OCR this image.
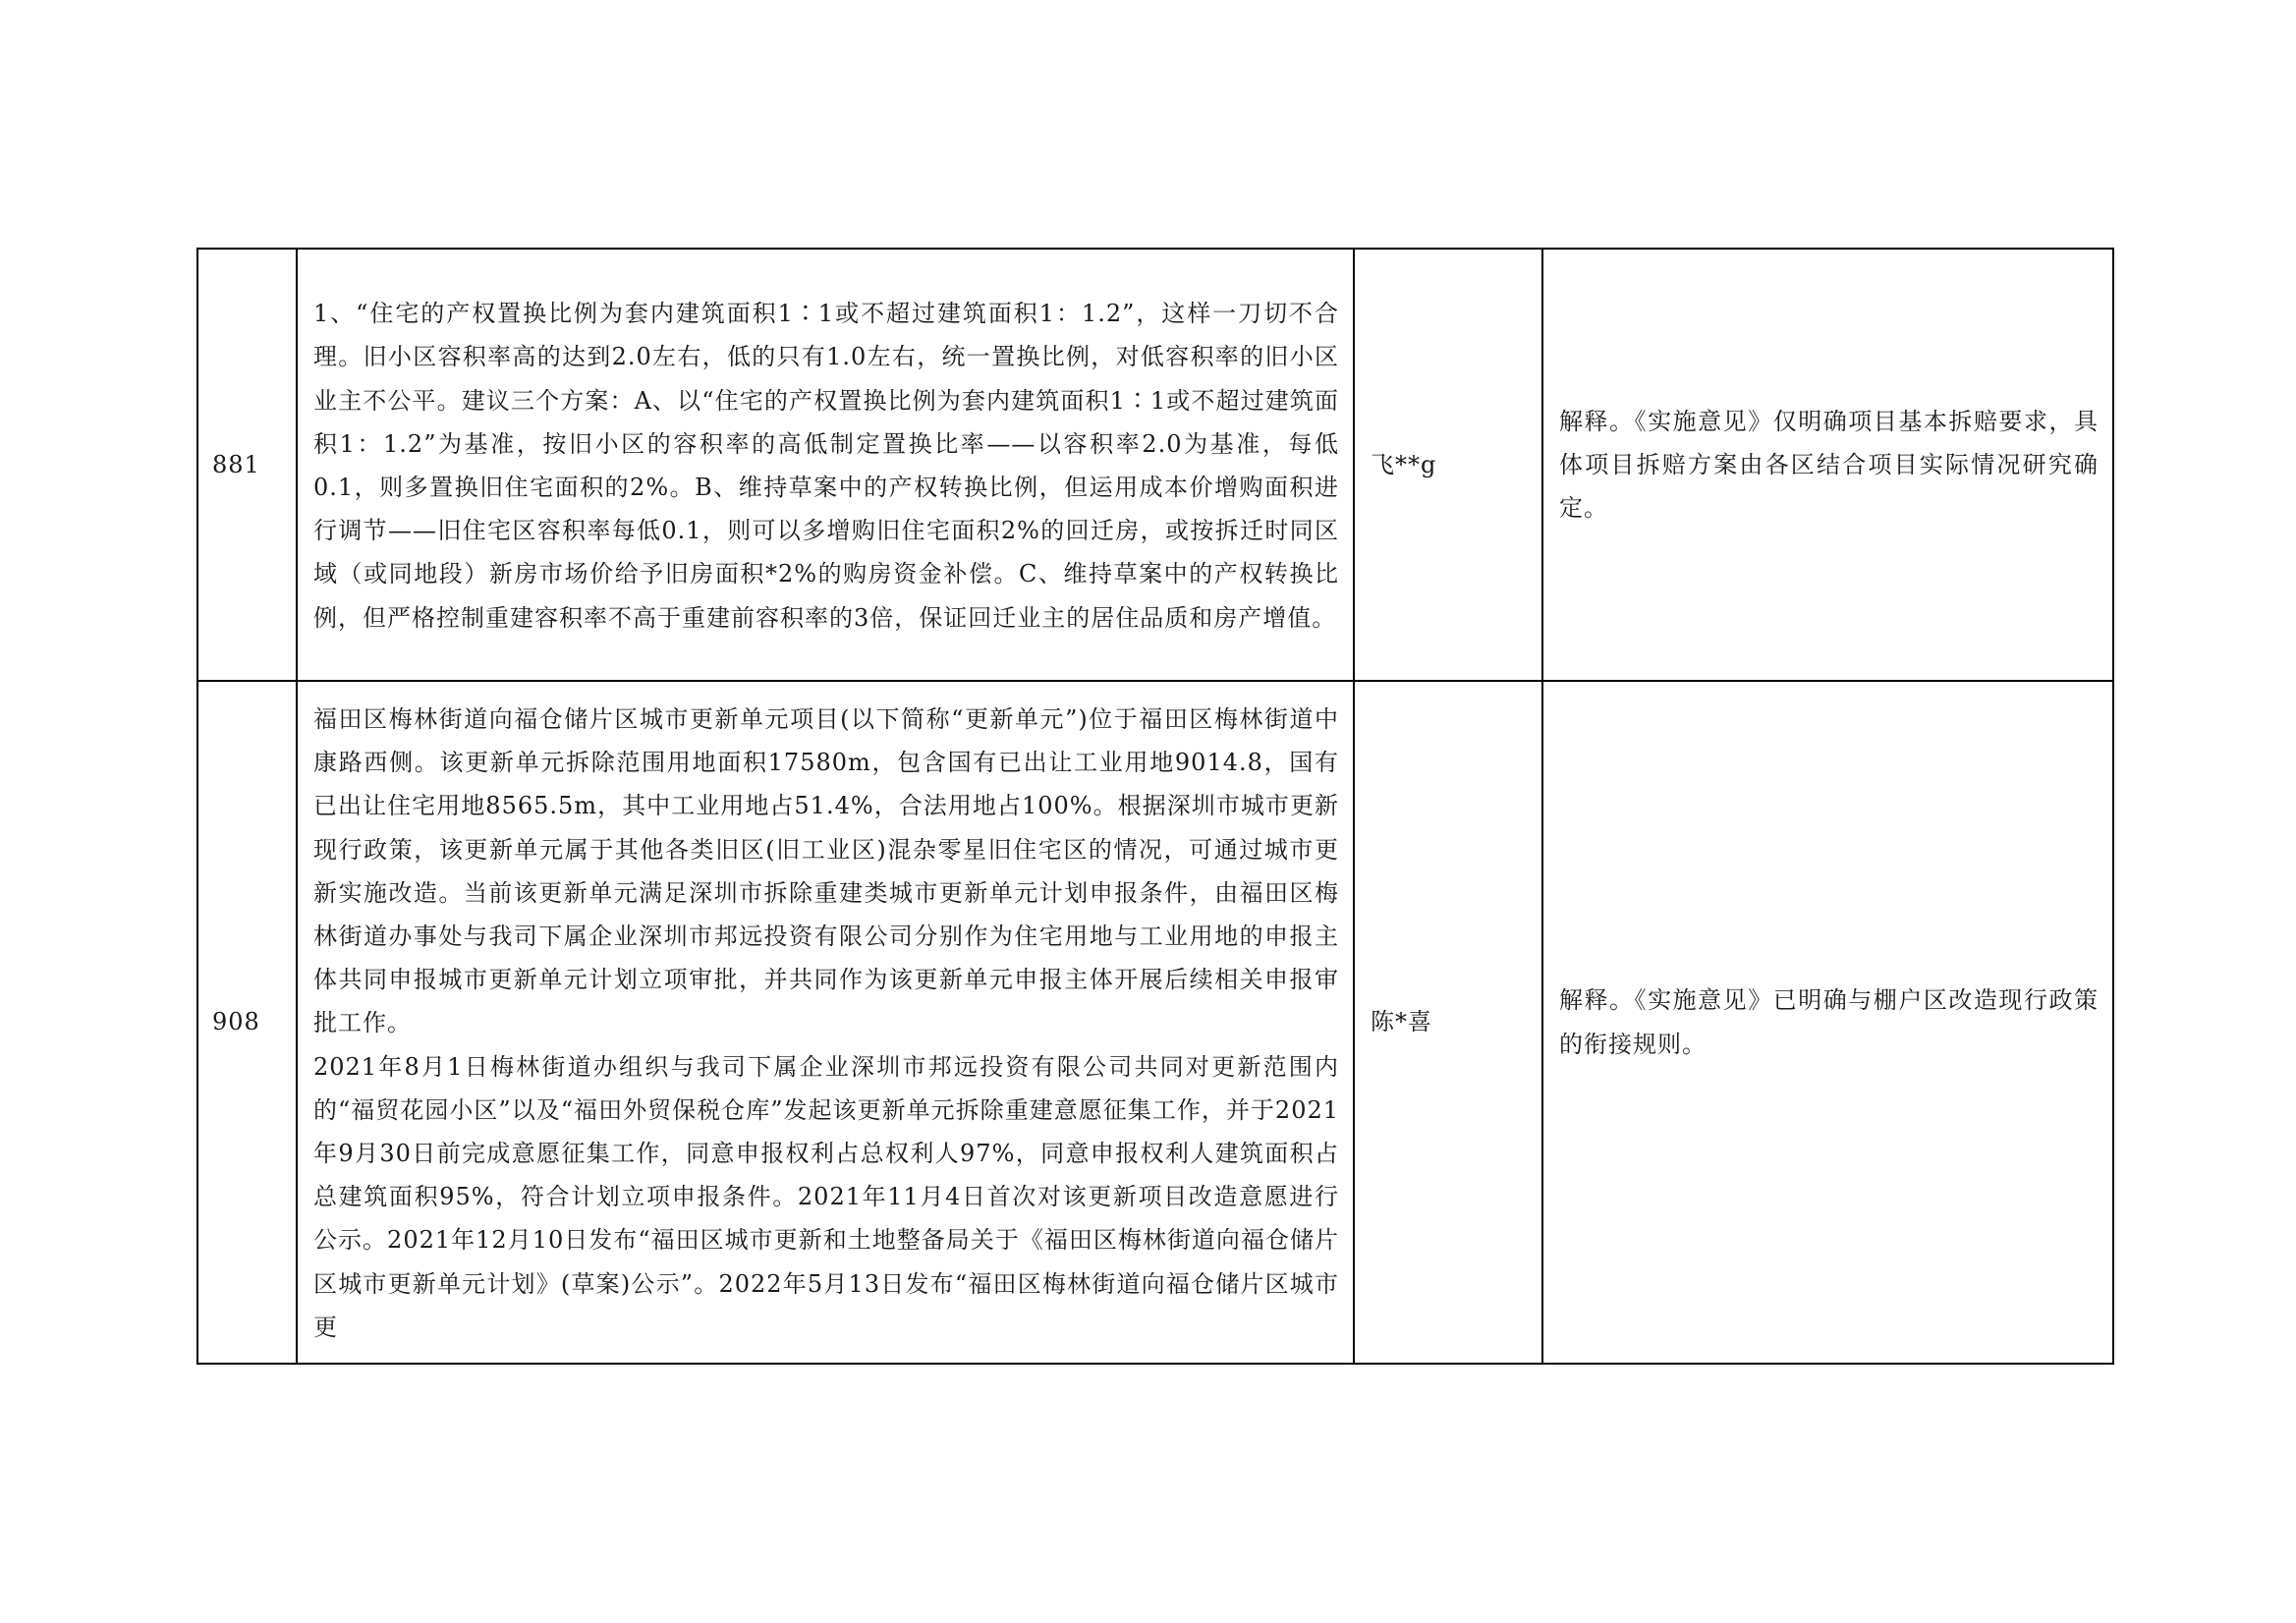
881	1、“住宅的产权置换比例为套内建筑面积1∶1或不超过建筑面积1：1.2”，这样一刀切不合理。旧小区容积率高的达到2.0左右，低的只有1.0左右，统一置换比例，对低容积率的旧小区业主不公平。建议三个方案：A、以“住宅的产权置换比例为套内建筑面积1∶1或不超过建筑面积1：1.2”为基准，按旧小区的容积率的高低制定置换比率——以容积率2.0为基准，每低0.1，则多置换旧住宅面积的2%。B、维持草案中的产权转换比例，但运用成本价增购面积进行调节——旧住宅区容积率每低0.1，则可以多增购旧住宅面积2%的回迁房，或按拆迁时同区域（或同地段）新房市场价给予旧房面积*2%的购房资金补偿。C、维持草案中的产权转换比例，但严格控制重建容积率不高于重建前容积率的3倍，保证回迁业主的居住品质和房产增值。	飞**g	解释。《实施意见》仅明确项目基本拆赔要求，具体项目拆赔方案由各区结合项目实际情况研究确定。
908	福田区梅林街道向福仓储片区城市更新单元项目(以下简称“更新单元”)位于福田区梅林街道中康路西侧。该更新单元拆除范围用地面积17580m，包含国有已出让工业用地9014.8，国有已出让住宅用地8565.5m，其中工业用地占51.4%，合法用地占100%。根据深圳市城市更新现行政策，该更新单元属于其他各类旧区(旧工业区)混杂零星旧住宅区的情况，可通过城市更新实施改造。当前该更新单元满足深圳市拆除重建类城市更新单元计划申报条件，由福田区梅林街道办事处与我司下属企业深圳市邦远投资有限公司分别作为住宅用地与工业用地的申报主体共同申报城市更新单元计划立项审批，并共同作为该更新单元申报主体开展后续相关申报审批工作。
2021年8月1日梅林街道办组织与我司下属企业深圳市邦远投资有限公司共同对更新范围内的“福贸花园小区”以及“福田外贸保税仓库”发起该更新单元拆除重建意愿征集工作，并于2021年9月30日前完成意愿征集工作，同意申报权利占总权利人97%，同意申报权利人建筑面积占总建筑面积95%，符合计划立项申报条件。2021年11月4日首次对该更新项目改造意愿进行公示。2021年12月10日发布“福田区城市更新和土地整备局关于《福田区梅林街道向福仓储片区城市更新单元计划》(草案)公示”。2022年5月13日发布“福田区梅林街道向福仓储片区城市更	陈*喜	解释。《实施意见》已明确与棚户区改造现行政策的衔接规则。
